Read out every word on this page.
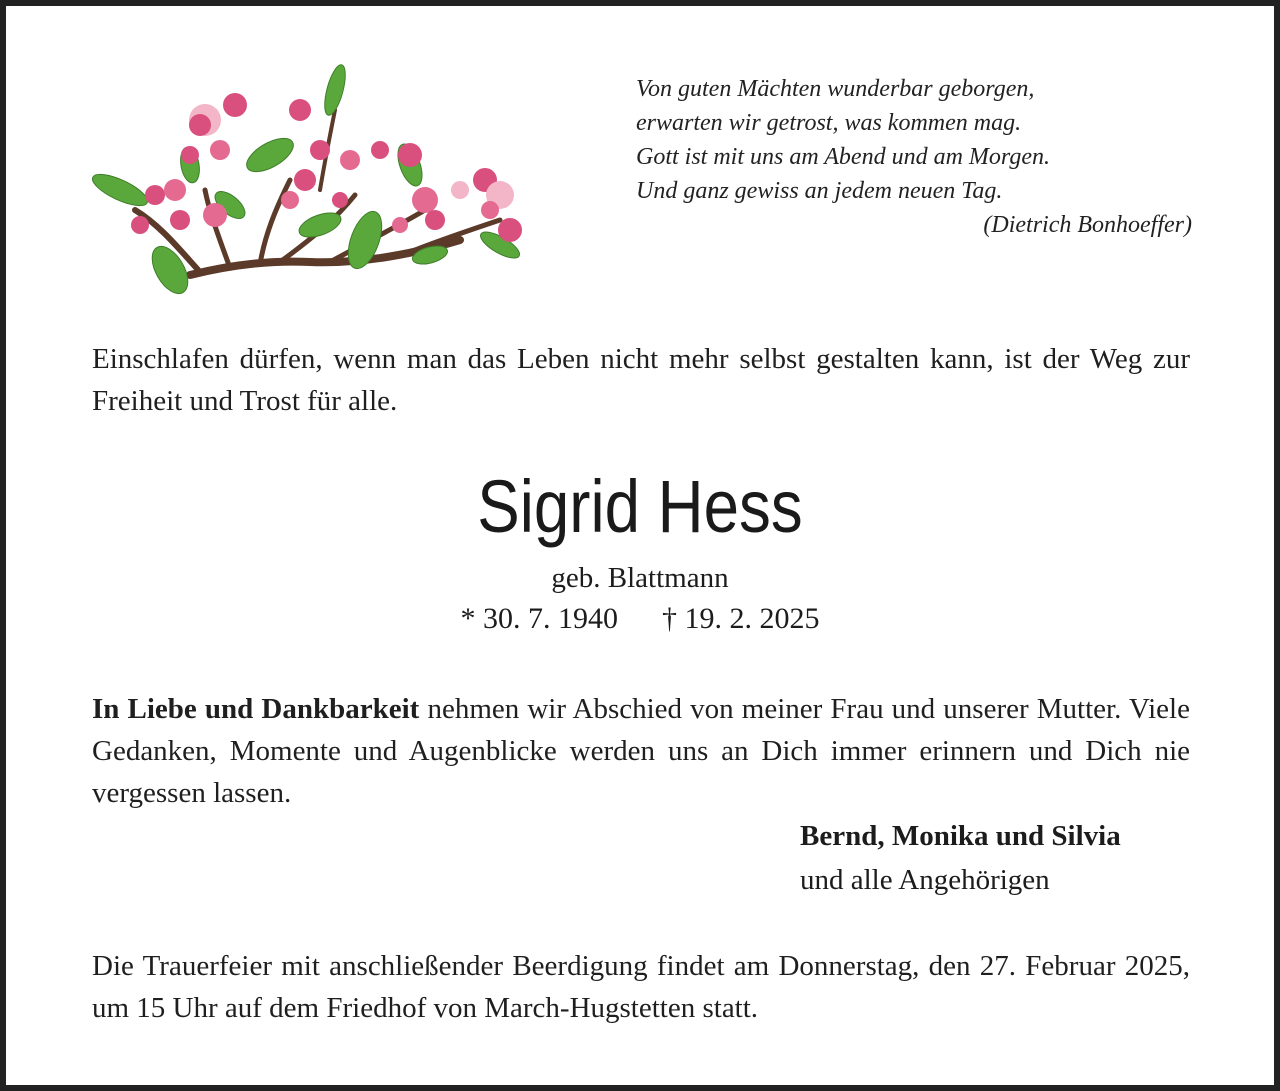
Von guten Mächten wunderbar geborgen,
erwarten wir getrost, was kommen mag.
Gott ist mit uns am Abend und am Morgen.
Und ganz gewiss an jedem neuen Tag.
(Dietrich Bonhoeffer)
Einschlafen dürfen, wenn man das Leben nicht mehr selbst gestalten kann, ist der Weg zur Freiheit und Trost für alle.
Sigrid Hess
geb. Blattmann
* 30. 7. 1940 † 19. 2. 2025
In Liebe und Dankbarkeit nehmen wir Abschied von meiner Frau und unserer Mutter. Viele Gedanken, Momente und Augenblicke werden uns an Dich immer erinnern und Dich nie vergessen lassen.
Bernd, Monika und Silvia
und alle Angehörigen
Die Trauerfeier mit anschließender Beerdigung findet am Donnerstag, den 27. Februar 2025, um 15 Uhr auf dem Friedhof von March-Hugstetten statt.
